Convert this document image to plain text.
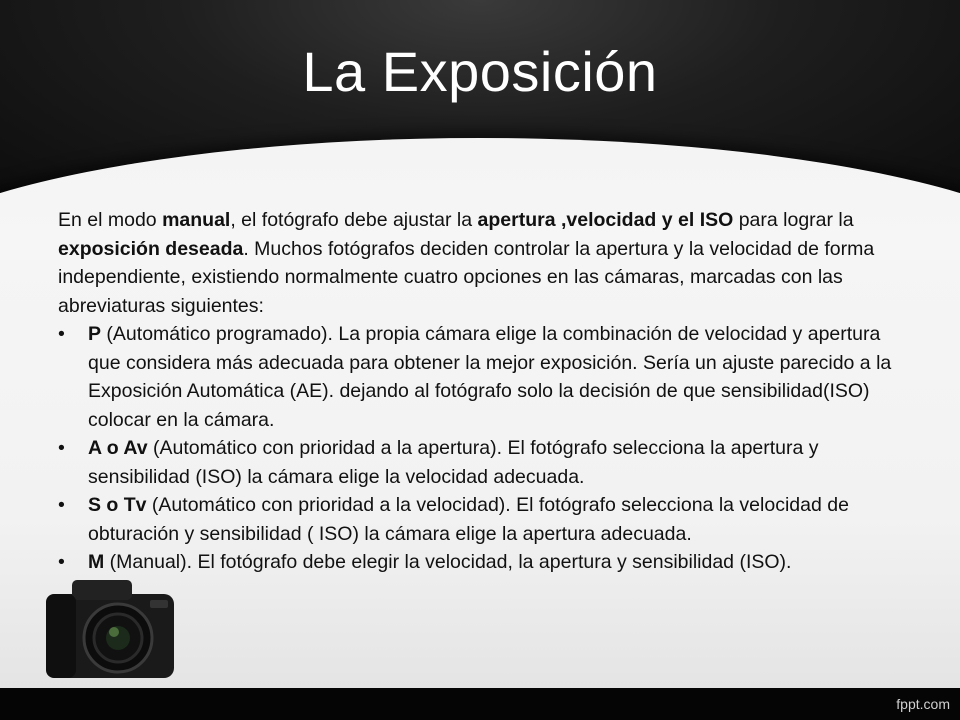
La Exposición

En el modo manual, el fotógrafo debe ajustar la apertura ,velocidad y el ISO para lograr la exposición deseada. Muchos fotógrafos deciden controlar la apertura y la velocidad de forma independiente, existiendo normalmente cuatro opciones en las cámaras, marcadas con las abreviaturas siguientes:

• P (Automático programado). La propia cámara elige la combinación de velocidad y apertura que considera más adecuada para obtener la mejor exposición. Sería un ajuste parecido a la Exposición Automática (AE). dejando al fotógrafo solo la decisión de que sensibilidad(ISO) colocar en la cámara.
• A o Av (Automático con prioridad a la apertura). El fotógrafo selecciona la apertura y sensibilidad (ISO) la cámara elige la velocidad adecuada.
• S o Tv (Automático con prioridad a la velocidad). El fotógrafo selecciona la velocidad de obturación y sensibilidad ( ISO) la cámara elige la apertura adecuada.
• M (Manual). El fotógrafo debe elegir la velocidad, la apertura y sensibilidad (ISO).
fppt.com
